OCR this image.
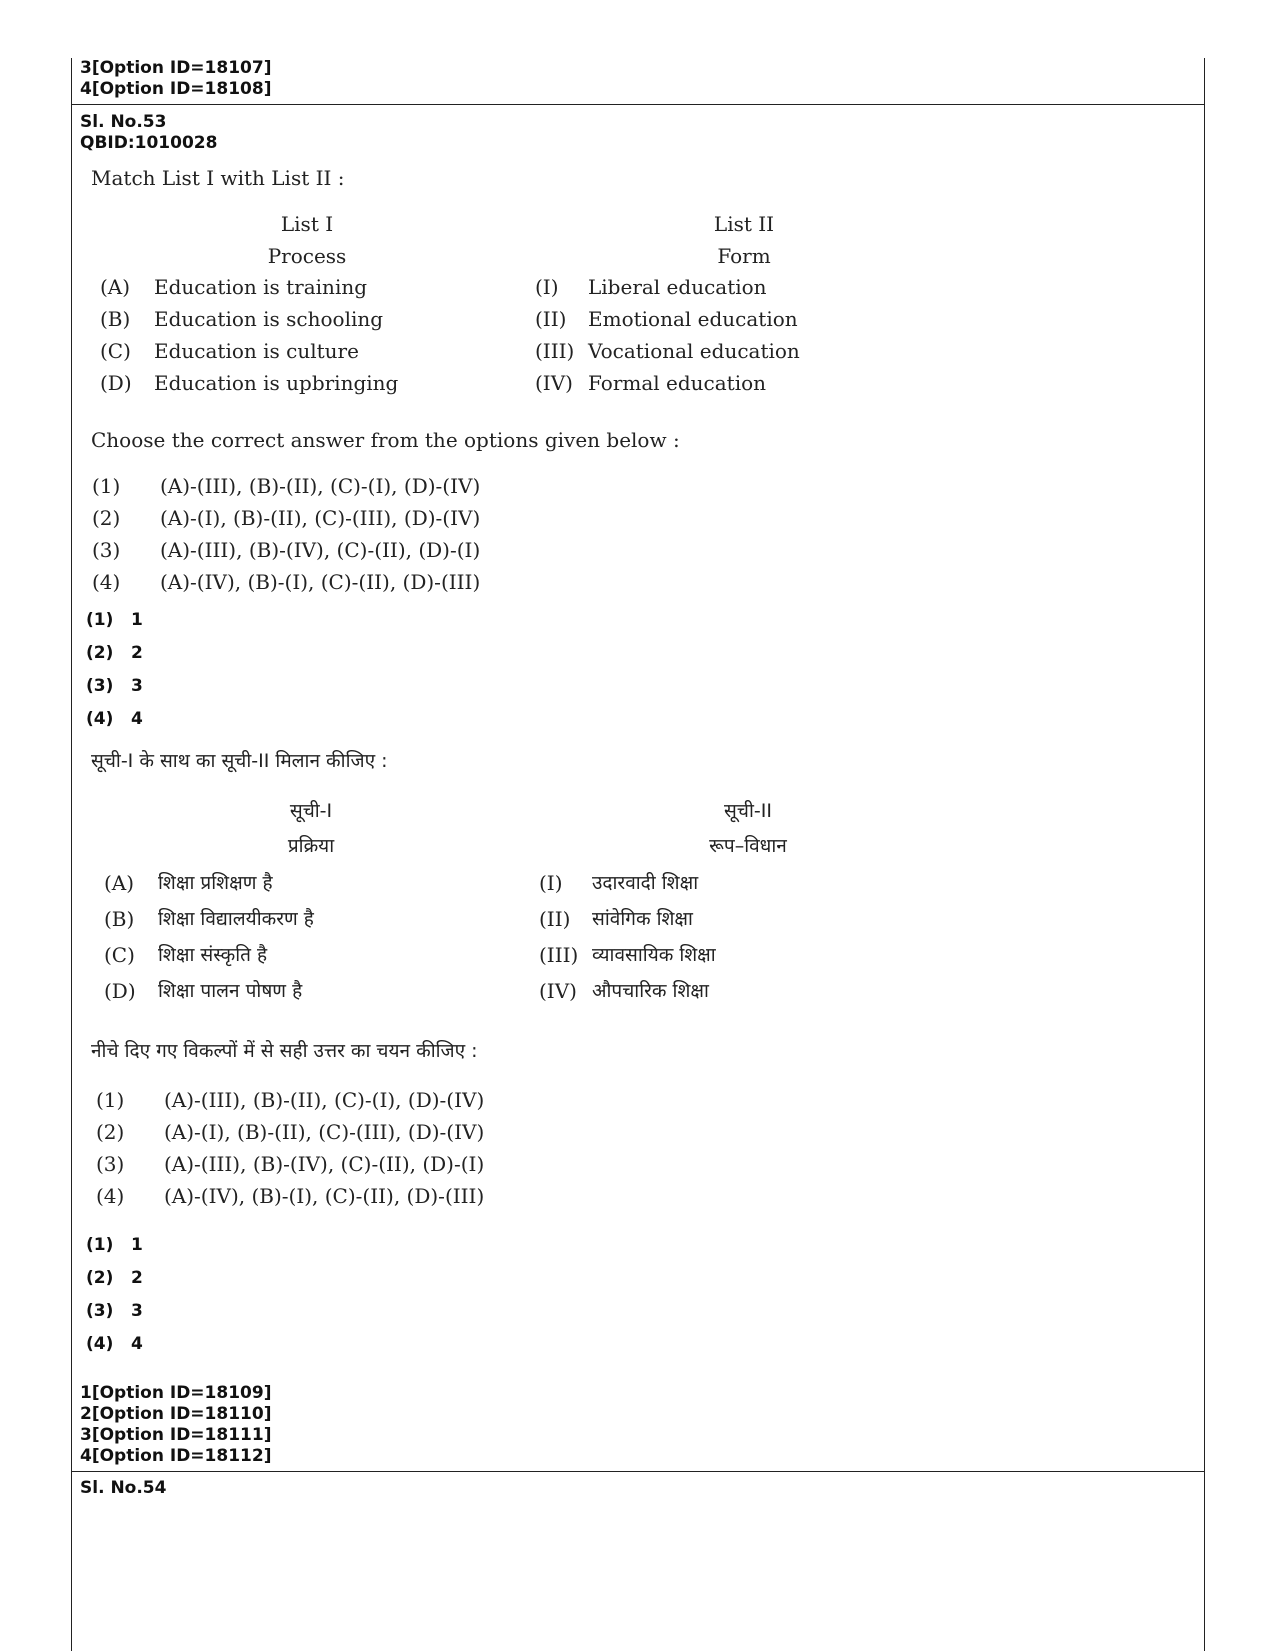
3[Option ID=18107]
4[Option ID=18108]
Sl. No.53
QBID:1010028
Match List I with List II :
List I
Process
List II
Form
(A) Education is training	(I) Liberal education
(B) Education is schooling	(II) Emotional education
(C) Education is culture	(III) Vocational education
(D) Education is upbringing	(IV) Formal education
Choose the correct answer from the options given below :
(1) (A)-(III), (B)-(II), (C)-(I), (D)-(IV)
(2) (A)-(I), (B)-(II), (C)-(III), (D)-(IV)
(3) (A)-(III), (B)-(IV), (C)-(II), (D)-(I)
(4) (A)-(IV), (B)-(I), (C)-(II), (D)-(III)
(1) 1
(2) 2
(3) 3
(4) 4
सूची-I के साथ का सूची-II मिलान कीजिए :
सूची-I
प्रक्रिया
सूची-II
रूप–विधान
(A) शिक्षा प्रशिक्षण है	(I) उदारवादी शिक्षा
(B) शिक्षा विद्यालयीकरण है	(II) सांवेगिक शिक्षा
(C) शिक्षा संस्कृति है	(III) व्यावसायिक शिक्षा
(D) शिक्षा पालन पोषण है	(IV) औपचारिक शिक्षा
नीचे दिए गए विकल्पों में से सही उत्तर का चयन कीजिए :
(1) (A)-(III), (B)-(II), (C)-(I), (D)-(IV)
(2) (A)-(I), (B)-(II), (C)-(III), (D)-(IV)
(3) (A)-(III), (B)-(IV), (C)-(II), (D)-(I)
(4) (A)-(IV), (B)-(I), (C)-(II), (D)-(III)
(1) 1
(2) 2
(3) 3
(4) 4
1[Option ID=18109]
2[Option ID=18110]
3[Option ID=18111]
4[Option ID=18112]
Sl. No.54
